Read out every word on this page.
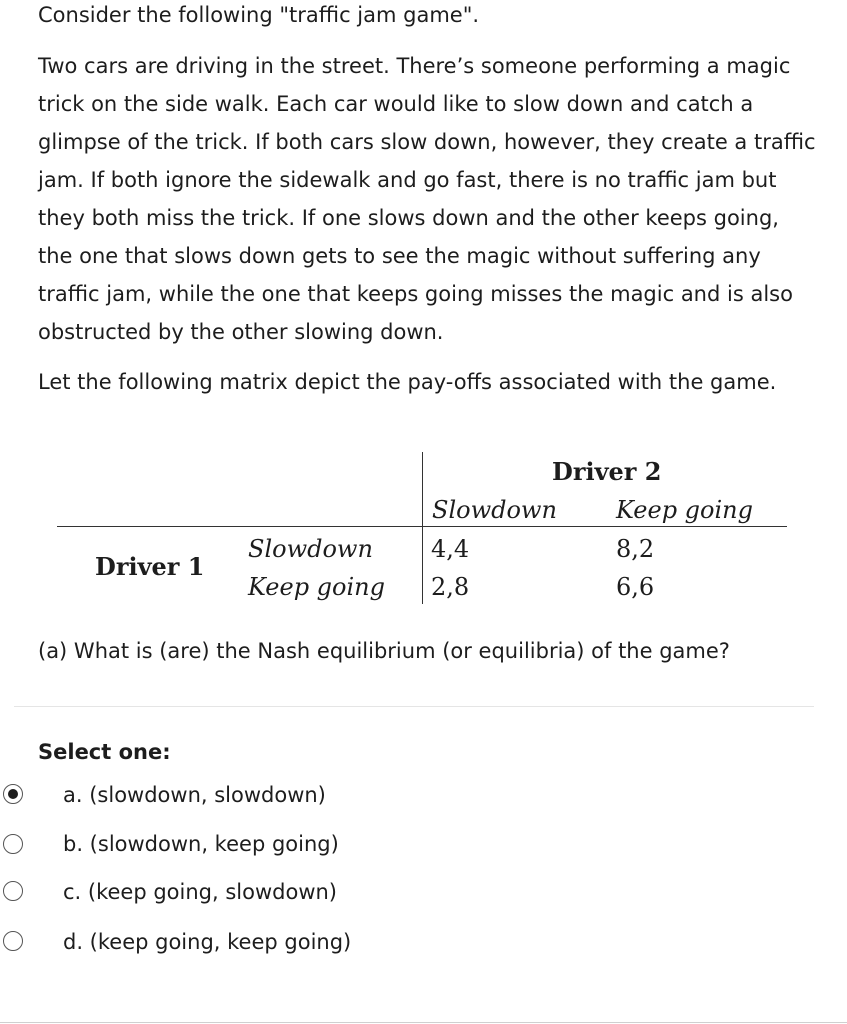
Consider the following "traffic jam game".

Two cars are driving in the street. There’s someone performing a magic trick on the side walk. Each car would like to slow down and catch a glimpse of the trick. If both cars slow down, however, they create a traffic jam. If both ignore the sidewalk and go fast, there is no traffic jam but they both miss the trick. If one slows down and the other keeps going, the one that slows down gets to see the magic without suffering any traffic jam, while the one that keeps going misses the magic and is also obstructed by the other slowing down.

Let the following matrix depict the pay-offs associated with the game.

Driver 2
Slowdown Keep going
Driver 1
Slowdown
Keep going
4,4	8,2
2,8	6,6

(a) What is (are) the Nash equilibrium (or equilibria) of the game?

Select one:
a. (slowdown, slowdown)
b. (slowdown, keep going)
c. (keep going, slowdown)
d. (keep going, keep going)
